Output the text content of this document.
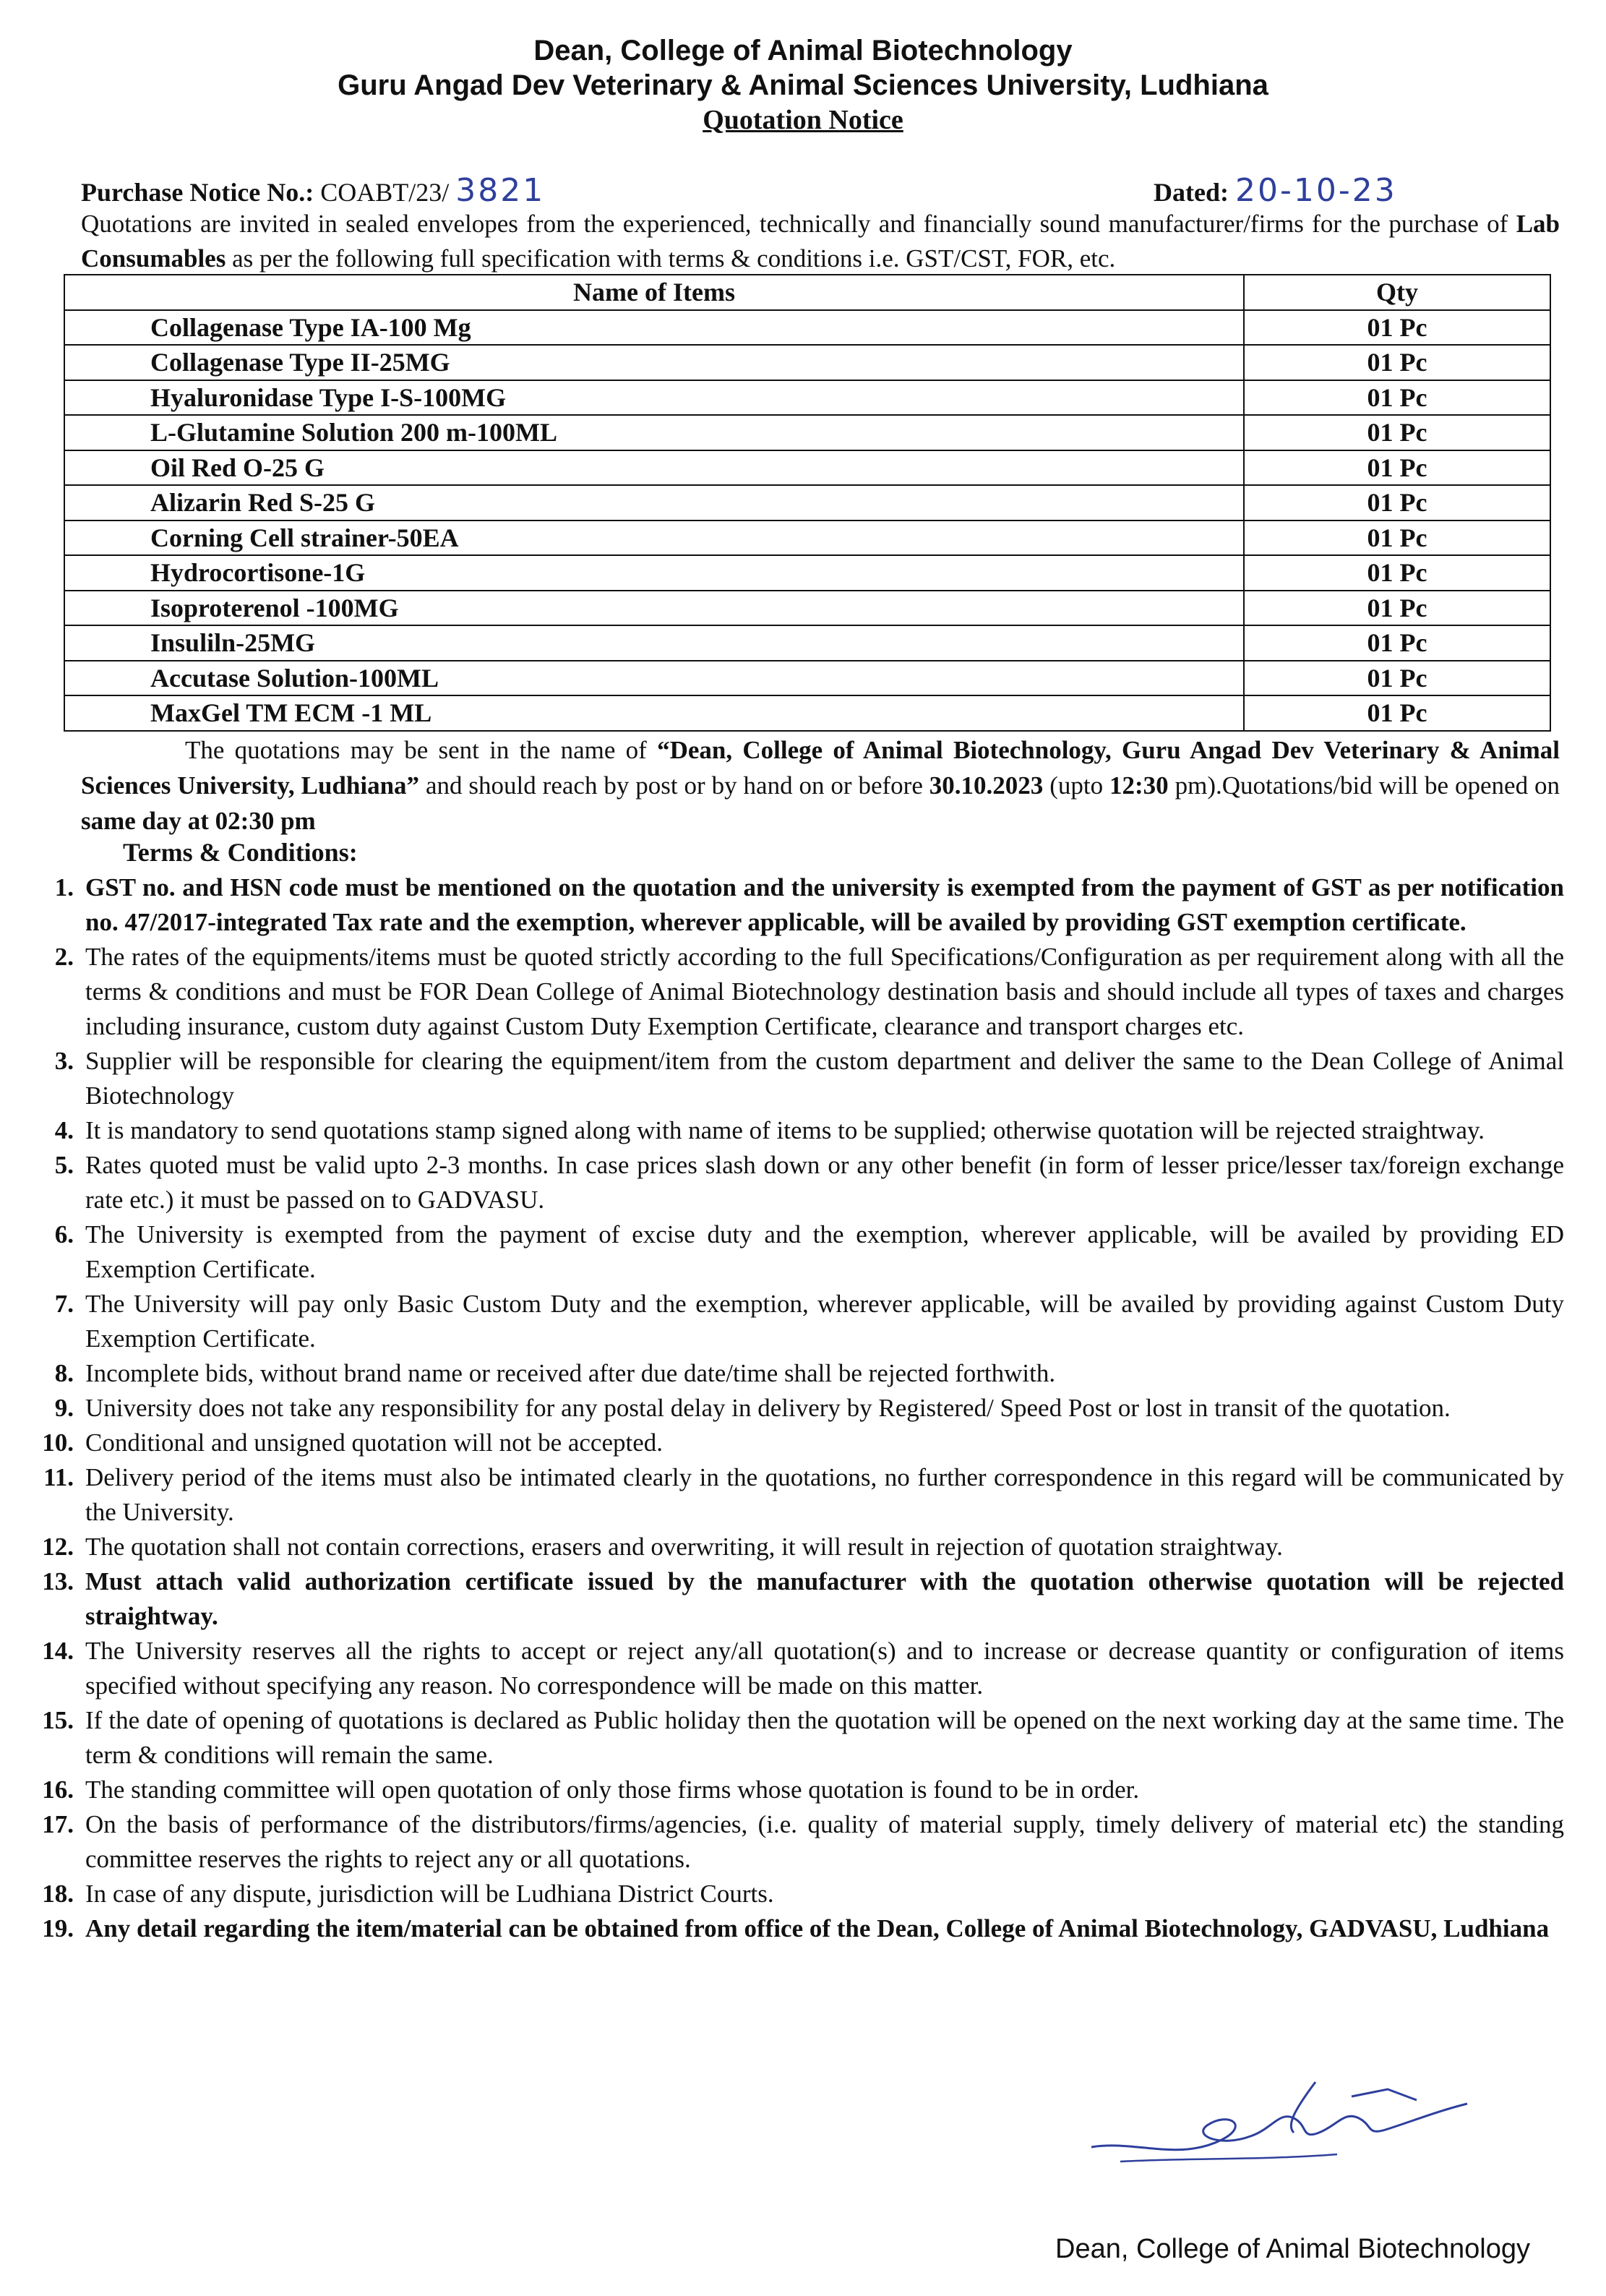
Dean, College of Animal Biotechnology
Guru Angad Dev Veterinary & Animal Sciences University, Ludhiana
Quotation Notice
Purchase Notice No.: COABT/23/ 3821	Dated: 20-10-23
Quotations are invited in sealed envelopes from the experienced, technically and financially sound manufacturer/firms for the purchase of Lab Consumables as per the following full specification with terms & conditions i.e. GST/CST, FOR, etc.
Name of Items	Qty
Collagenase Type IA-100 Mg	01 Pc
Collagenase Type II-25MG	01 Pc
Hyaluronidase Type I-S-100MG	01 Pc
L-Glutamine Solution 200 m-100ML	01 Pc
Oil Red O-25 G	01 Pc
Alizarin Red S-25 G	01 Pc
Corning Cell strainer-50EA	01 Pc
Hydrocortisone-1G	01 Pc
Isoproterenol -100MG	01 Pc
Insuliln-25MG	01 Pc
Accutase Solution-100ML	01 Pc
MaxGel TM ECM -1 ML	01 Pc
The quotations may be sent in the name of “Dean, College of Animal Biotechnology, Guru Angad Dev Veterinary & Animal Sciences University, Ludhiana” and should reach by post or by hand on or before 30.10.2023 (upto 12:30 pm).Quotations/bid will be opened on same day at 02:30 pm
Terms & Conditions:
1. GST no. and HSN code must be mentioned on the quotation and the university is exempted from the payment of GST as per notification no. 47/2017-integrated Tax rate and the exemption, wherever applicable, will be availed by providing GST exemption certificate.
2. The rates of the equipments/items must be quoted strictly according to the full Specifications/Configuration as per requirement along with all the terms & conditions and must be FOR Dean College of Animal Biotechnology destination basis and should include all types of taxes and charges including insurance, custom duty against Custom Duty Exemption Certificate, clearance and transport charges etc.
3. Supplier will be responsible for clearing the equipment/item from the custom department and deliver the same to the Dean College of Animal Biotechnology
4. It is mandatory to send quotations stamp signed along with name of items to be supplied; otherwise quotation will be rejected straightway.
5. Rates quoted must be valid upto 2-3 months. In case prices slash down or any other benefit (in form of lesser price/lesser tax/foreign exchange rate etc.) it must be passed on to GADVASU.
6. The University is exempted from the payment of excise duty and the exemption, wherever applicable, will be availed by providing ED Exemption Certificate.
7. The University will pay only Basic Custom Duty and the exemption, wherever applicable, will be availed by providing against Custom Duty Exemption Certificate.
8. Incomplete bids, without brand name or received after due date/time shall be rejected forthwith.
9. University does not take any responsibility for any postal delay in delivery by Registered/ Speed Post or lost in transit of the quotation.
10. Conditional and unsigned quotation will not be accepted.
11. Delivery period of the items must also be intimated clearly in the quotations, no further correspondence in this regard will be communicated by the University.
12. The quotation shall not contain corrections, erasers and overwriting, it will result in rejection of quotation straightway.
13. Must attach valid authorization certificate issued by the manufacturer with the quotation otherwise quotation will be rejected straightway.
14. The University reserves all the rights to accept or reject any/all quotation(s) and to increase or decrease quantity or configuration of items specified without specifying any reason. No correspondence will be made on this matter.
15. If the date of opening of quotations is declared as Public holiday then the quotation will be opened on the next working day at the same time. The term & conditions will remain the same.
16. The standing committee will open quotation of only those firms whose quotation is found to be in order.
17. On the basis of performance of the distributors/firms/agencies, (i.e. quality of material supply, timely delivery of material etc) the standing committee reserves the rights to reject any or all quotations.
18. In case of any dispute, jurisdiction will be Ludhiana District Courts.
19. Any detail regarding the item/material can be obtained from office of the Dean, College of Animal Biotechnology, GADVASU, Ludhiana
Dean, College of Animal Biotechnology
